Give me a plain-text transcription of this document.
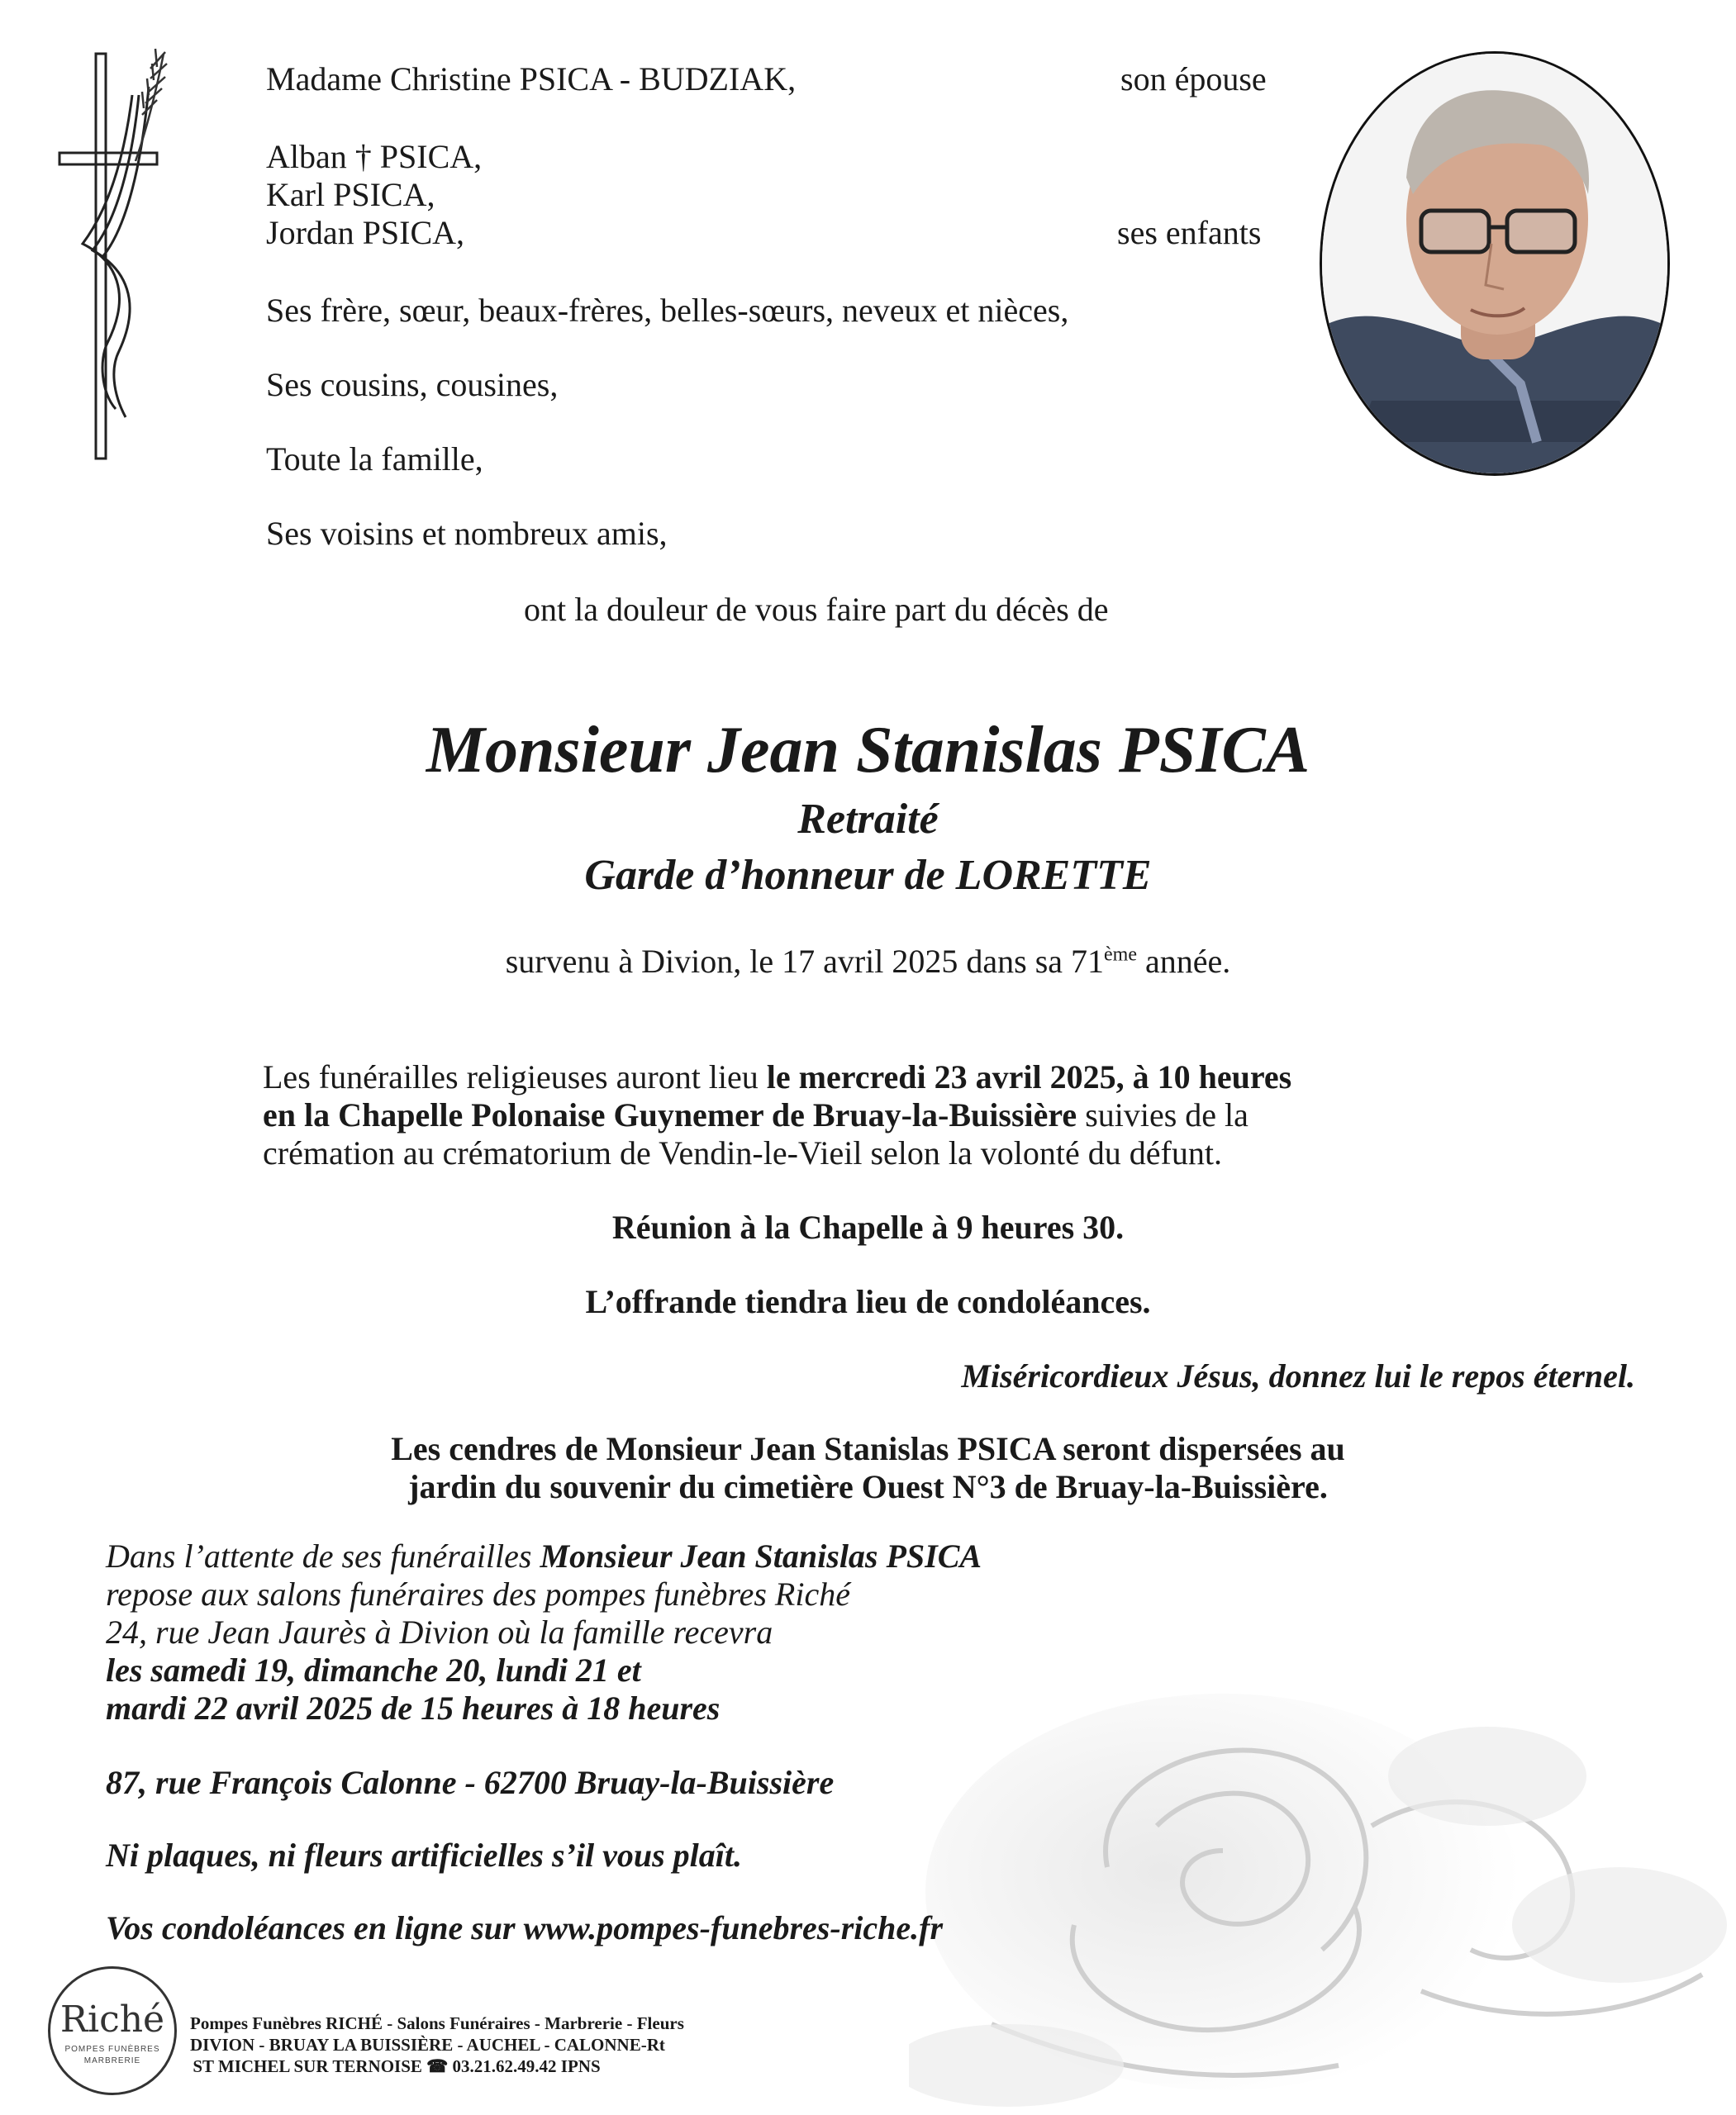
Madame Christine PSICA - BUDZIAK,	son épouse
Alban † PSICA,
Karl PSICA,
Jordan PSICA,	ses enfants
Ses frère, sœur, beaux-frères, belles-sœurs, neveux et nièces,
Ses cousins, cousines,
Toute la famille,
Ses voisins et nombreux amis,
ont la douleur de vous faire part du décès de
Monsieur Jean Stanislas PSICA
Retraité
Garde d’honneur de LORETTE
survenu à Divion, le 17 avril 2025 dans sa 71ème année.
Les funérailles religieuses auront lieu le mercredi 23 avril 2025, à 10 heures
en la Chapelle Polonaise Guynemer de Bruay-la-Buissière suivies de la
crémation au crématorium de Vendin-le-Vieil selon la volonté du défunt.
Réunion à la Chapelle à 9 heures 30.
L’offrande tiendra lieu de condoléances.
Miséricordieux Jésus, donnez lui le repos éternel.
Les cendres de Monsieur Jean Stanislas PSICA seront dispersées au
jardin du souvenir du cimetière Ouest N°3 de Bruay-la-Buissière.
Dans l’attente de ses funérailles Monsieur Jean Stanislas PSICA
repose aux salons funéraires des pompes funèbres Riché
24, rue Jean Jaurès à Divion où la famille recevra
les samedi 19, dimanche 20, lundi 21 et
mardi 22 avril 2025 de 15 heures à 18 heures
87, rue François Calonne - 62700 Bruay-la-Buissière
Ni plaques, ni fleurs artificielles s’il vous plaît.
Vos condoléances en ligne sur www.pompes-funebres-riche.fr
Riché
POMPES FUNÈBRES
MARBRERIE
Pompes Funèbres RICHÉ - Salons Funéraires - Marbrerie - Fleurs
DIVION - BRUAY LA BUISSIÈRE - AUCHEL - CALONNE-Rt
ST MICHEL SUR TERNOISE ☎ 03.21.62.49.42 IPNS
